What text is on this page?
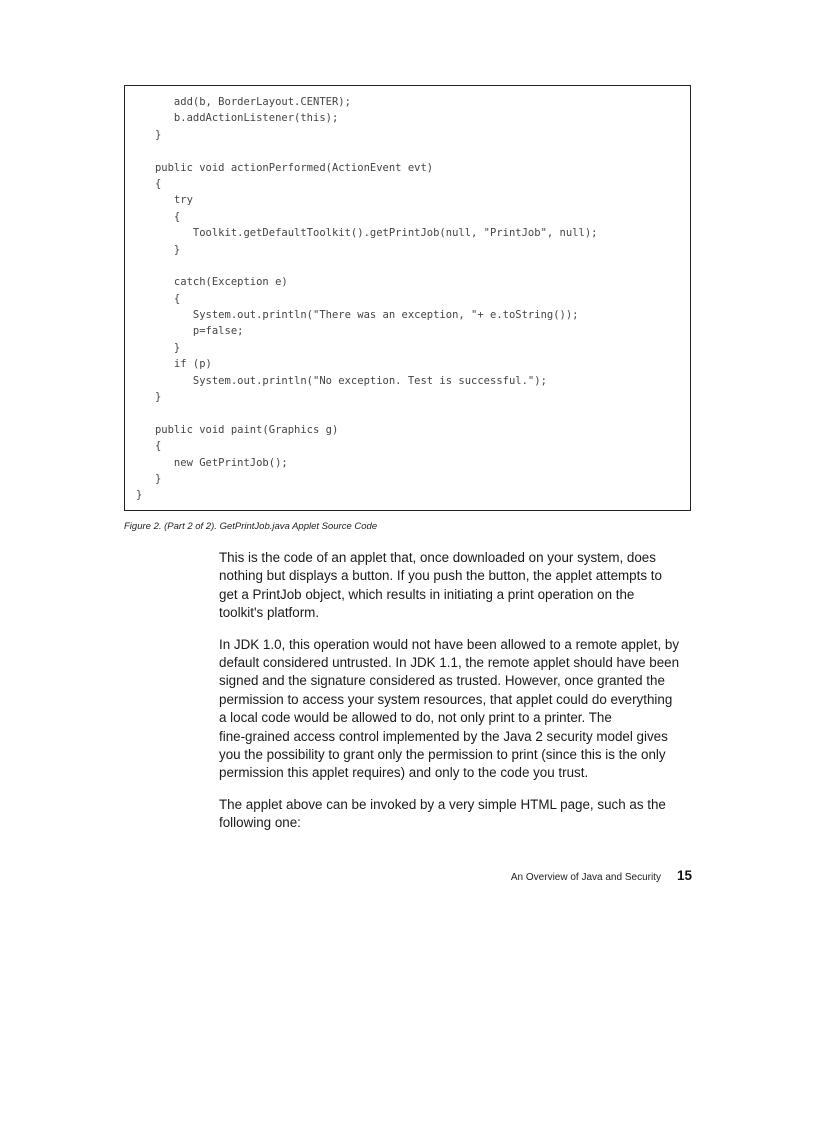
add(b, BorderLayout.CENTER);
b.addActionListener(this);
}
public void actionPerformed(ActionEvent evt)
{
try
{
Toolkit.getDefaultToolkit().getPrintJob(null, "PrintJob", null);
}
catch(Exception e)
{
System.out.println("There was an exception, "+ e.toString());
p=false;
}
if (p)
System.out.println("No exception. Test is successful.");
}
public void paint(Graphics g)
{
new GetPrintJob();
}
}
Figure 2. (Part 2 of 2). GetPrintJob.java Applet Source Code

This is the code of an applet that, once downloaded on your system, does
nothing but displays a button. If you push the button, the applet attempts to
get a PrintJob object, which results in initiating a print operation on the
toolkit's platform.

In JDK 1.0, this operation would not have been allowed to a remote applet, by
default considered untrusted. In JDK 1.1, the remote applet should have been
signed and the signature considered as trusted. However, once granted the
permission to access your system resources, that applet could do everything
a local code would be allowed to do, not only print to a printer. The
fine-grained access control implemented by the Java 2 security model gives
you the possibility to grant only the permission to print (since this is the only
permission this applet requires) and only to the code you trust.

The applet above can be invoked by a very simple HTML page, such as the
following one:

An Overview of Java and Security 15
